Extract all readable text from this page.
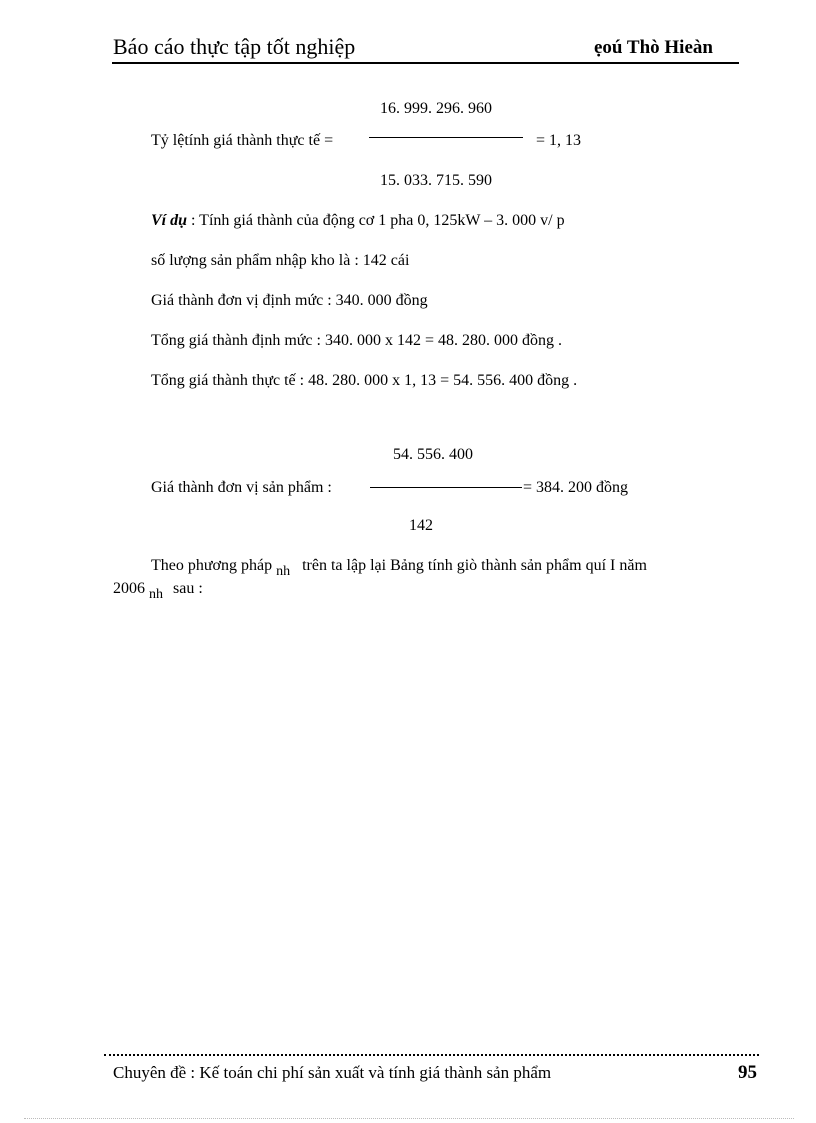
Báo cáo thực tập tốt nghiệp	ẹoú Thò Hieàn
16. 999. 296. 960
Tỷ lệtính giá thành thực tế =	= 1, 13
15. 033. 715. 590
Ví dụ : Tính giá thành của động cơ 1 pha 0, 125kW – 3. 000 v/ p
số lượng sản phẩm nhập kho là : 142 cái
Giá thành đơn vị định mức : 340. 000 đồng
Tổng giá thành định mức : 340. 000 x 142 = 48. 280. 000 đồng .
Tổng giá thành thực tế : 48. 280. 000 x 1, 13 = 54. 556. 400 đồng .
54. 556. 400
Giá thành đơn vị sản phẩm :	= 384. 200 đồng
142
Theo phương pháp nh trên ta lập lại Bảng tính giò thành sản phẩm quí I năm
2006 nh sau :
Chuyên đề : Kế toán chi phí sản xuất và tính giá thành sản phẩm	95
